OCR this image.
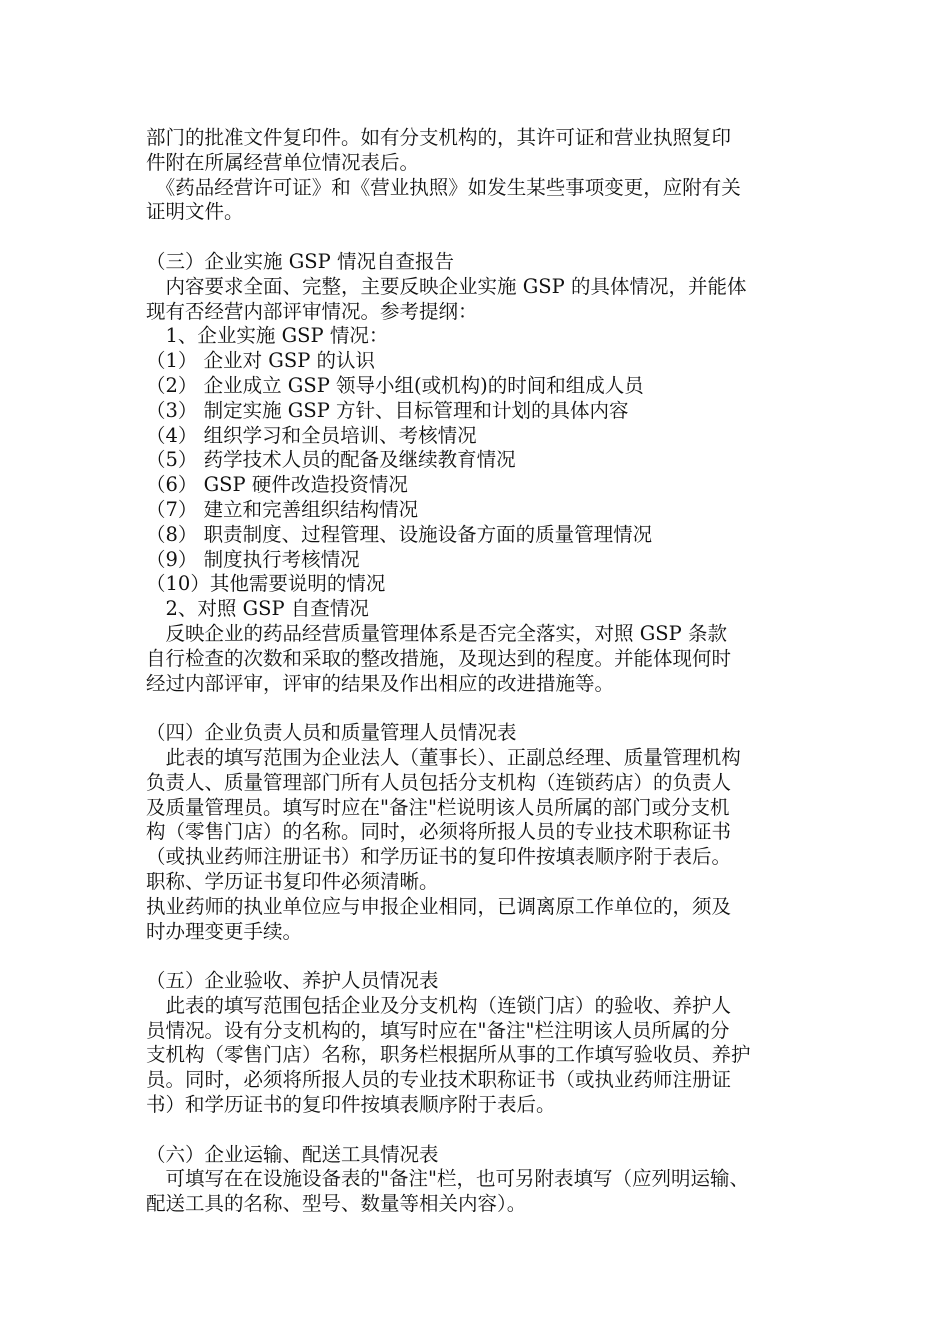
部门的批准文件复印件。如有分支机构的，其许可证和营业执照复印
件附在所属经营单位情况表后。
　《药品经营许可证》和《营业执照》如发生某些事项变更，应附有关
证明文件。
（三）企业实施 GSP 情况自查报告
　内容要求全面、完整，主要反映企业实施 GSP 的具体情况，并能体
现有否经营内部评审情况。参考提纲：
　1、企业实施 GSP 情况：
（1） 企业对 GSP 的认识
（2） 企业成立 GSP 领导小组(或机构)的时间和组成人员
（3） 制定实施 GSP 方针、目标管理和计划的具体内容
（4） 组织学习和全员培训、考核情况
（5） 药学技术人员的配备及继续教育情况
（6） GSP 硬件改造投资情况
（7） 建立和完善组织结构情况
（8） 职责制度、过程管理、设施设备方面的质量管理情况
（9） 制度执行考核情况
（10）其他需要说明的情况
　2、对照 GSP 自查情况
　反映企业的药品经营质量管理体系是否完全落实，对照 GSP 条款
自行检查的次数和采取的整改措施，及现达到的程度。并能体现何时
经过内部评审，评审的结果及作出相应的改进措施等。
（四）企业负责人员和质量管理人员情况表
　此表的填写范围为企业法人（董事长）、正副总经理、质量管理机构
负责人、质量管理部门所有人员包括分支机构（连锁药店）的负责人
及质量管理员。填写时应在"备注"栏说明该人员所属的部门或分支机
构（零售门店）的名称。同时，必须将所报人员的专业技术职称证书
（或执业药师注册证书）和学历证书的复印件按填表顺序附于表后。
职称、学历证书复印件必须清晰。
执业药师的执业单位应与申报企业相同，已调离原工作单位的，须及
时办理变更手续。
（五）企业验收、养护人员情况表
　此表的填写范围包括企业及分支机构（连锁门店）的验收、养护人
员情况。设有分支机构的，填写时应在"备注"栏注明该人员所属的分
支机构（零售门店）名称，职务栏根据所从事的工作填写验收员、养护
员。同时，必须将所报人员的专业技术职称证书（或执业药师注册证
书）和学历证书的复印件按填表顺序附于表后。
（六）企业运输、配送工具情况表
　可填写在在设施设备表的"备注"栏，也可另附表填写（应列明运输、
配送工具的名称、型号、数量等相关内容）。
